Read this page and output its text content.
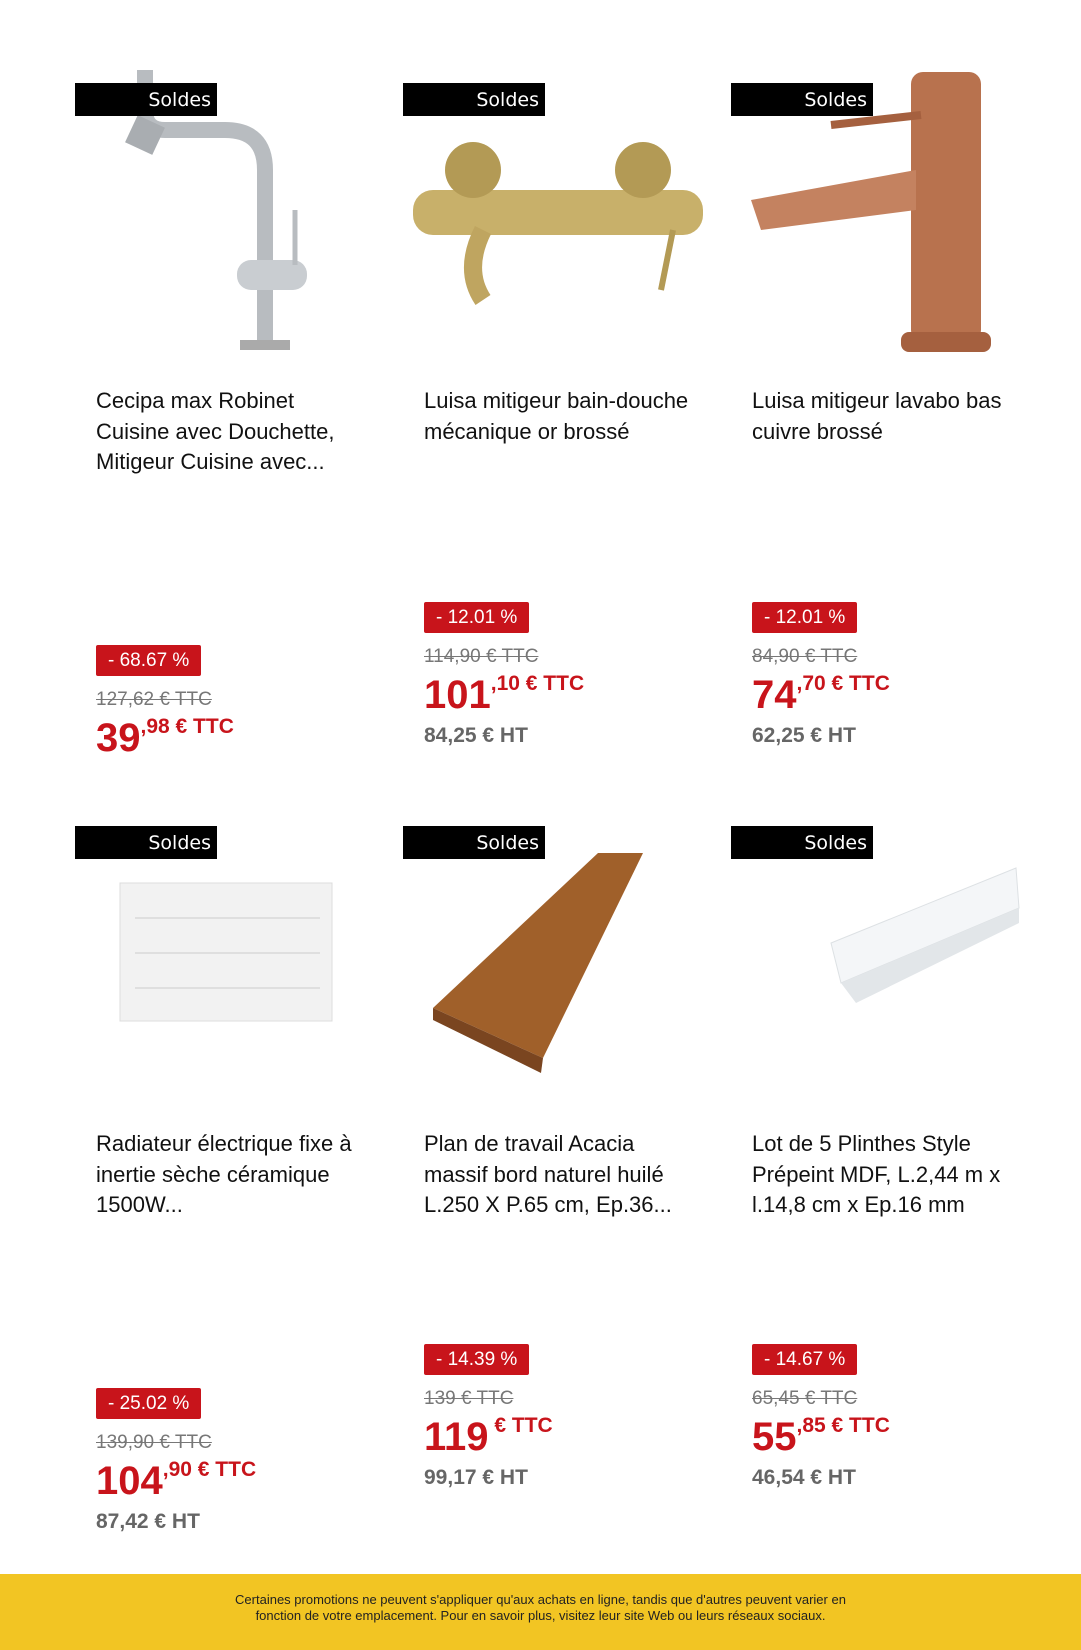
Soldes
Cecipa max Robinet Cuisine avec Douchette, Mitigeur Cuisine avec...
- 68.67 %
127,62 € TTC
39,98 € TTC
Soldes
Luisa mitigeur bain-douche mécanique or brossé
- 12.01 %
114,90 € TTC
101,10 € TTC
84,25 € HT
Soldes
Luisa mitigeur lavabo bas cuivre brossé
- 12.01 %
84,90 € TTC
74,70 € TTC
62,25 € HT
Soldes
Radiateur électrique fixe à inertie sèche céramique 1500W...
- 25.02 %
139,90 € TTC
104,90 € TTC
87,42 € HT
Soldes
Plan de travail Acacia massif bord naturel huilé L.250 X P.65 cm, Ep.36...
- 14.39 %
139 € TTC
119 € TTC
99,17 € HT
Soldes
Lot de 5 Plinthes Style Prépeint MDF, L.2,44 m x l.14,8 cm x Ep.16 mm
- 14.67 %
65,45 € TTC
55,85 € TTC
46,54 € HT
Certaines promotions ne peuvent s'appliquer qu'aux achats en ligne, tandis que d'autres peuvent varier en
fonction de votre emplacement. Pour en savoir plus, visitez leur site Web ou leurs réseaux sociaux.
